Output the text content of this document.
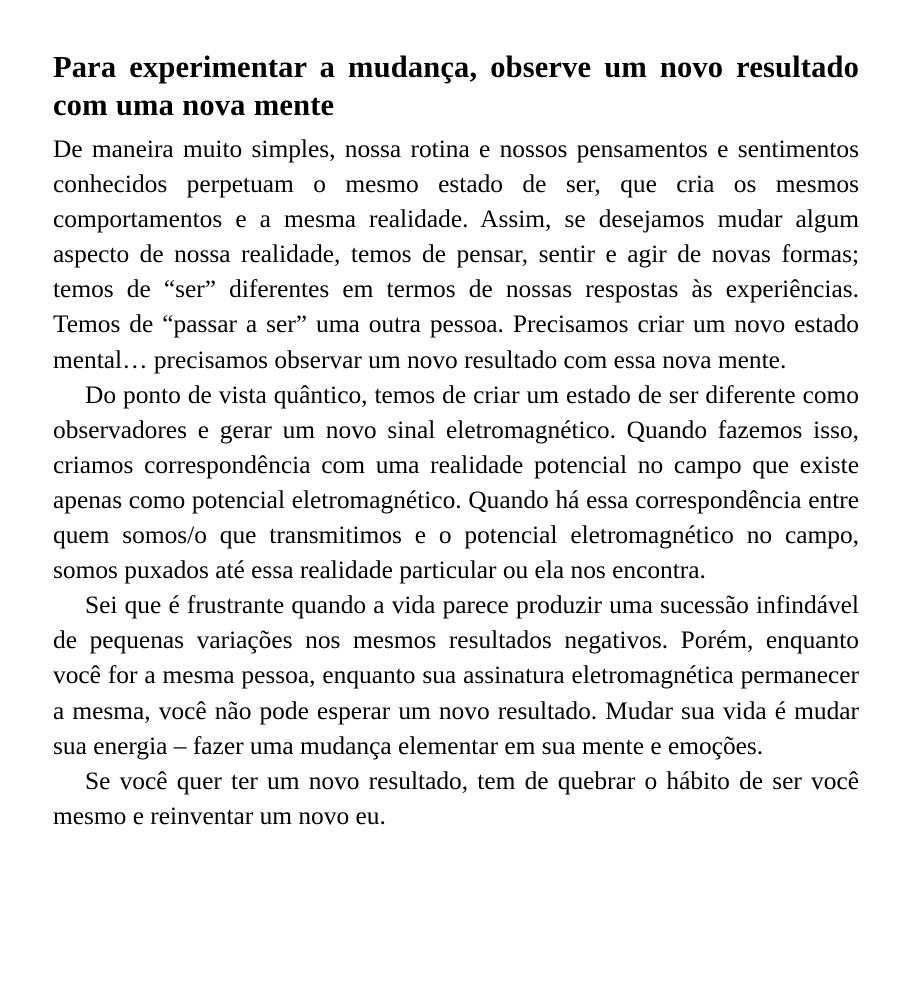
Para experimentar a mudança, observe um novo resultado com uma nova mente

De maneira muito simples, nossa rotina e nossos pensamentos e sentimentos conhecidos perpetuam o mesmo estado de ser, que cria os mesmos comportamentos e a mesma realidade. Assim, se desejamos mudar algum aspecto de nossa realidade, temos de pensar, sentir e agir de novas formas; temos de “ser” diferentes em termos de nossas respostas às experiências. Temos de “passar a ser” uma outra pessoa. Precisamos criar um novo estado mental… precisamos observar um novo resultado com essa nova mente.

Do ponto de vista quântico, temos de criar um estado de ser diferente como observadores e gerar um novo sinal eletromagnético. Quando fazemos isso, criamos correspondência com uma realidade potencial no campo que existe apenas como potencial eletromagnético. Quando há essa correspondência entre quem somos/o que transmitimos e o potencial eletromagnético no campo, somos puxados até essa realidade particular ou ela nos encontra.

Sei que é frustrante quando a vida parece produzir uma sucessão infindável de pequenas variações nos mesmos resultados negativos. Porém, enquanto você for a mesma pessoa, enquanto sua assinatura eletromagnética permanecer a mesma, você não pode esperar um novo resultado. Mudar sua vida é mudar sua energia – fazer uma mudança elementar em sua mente e emoções.

Se você quer ter um novo resultado, tem de quebrar o hábito de ser você mesmo e reinventar um novo eu.
